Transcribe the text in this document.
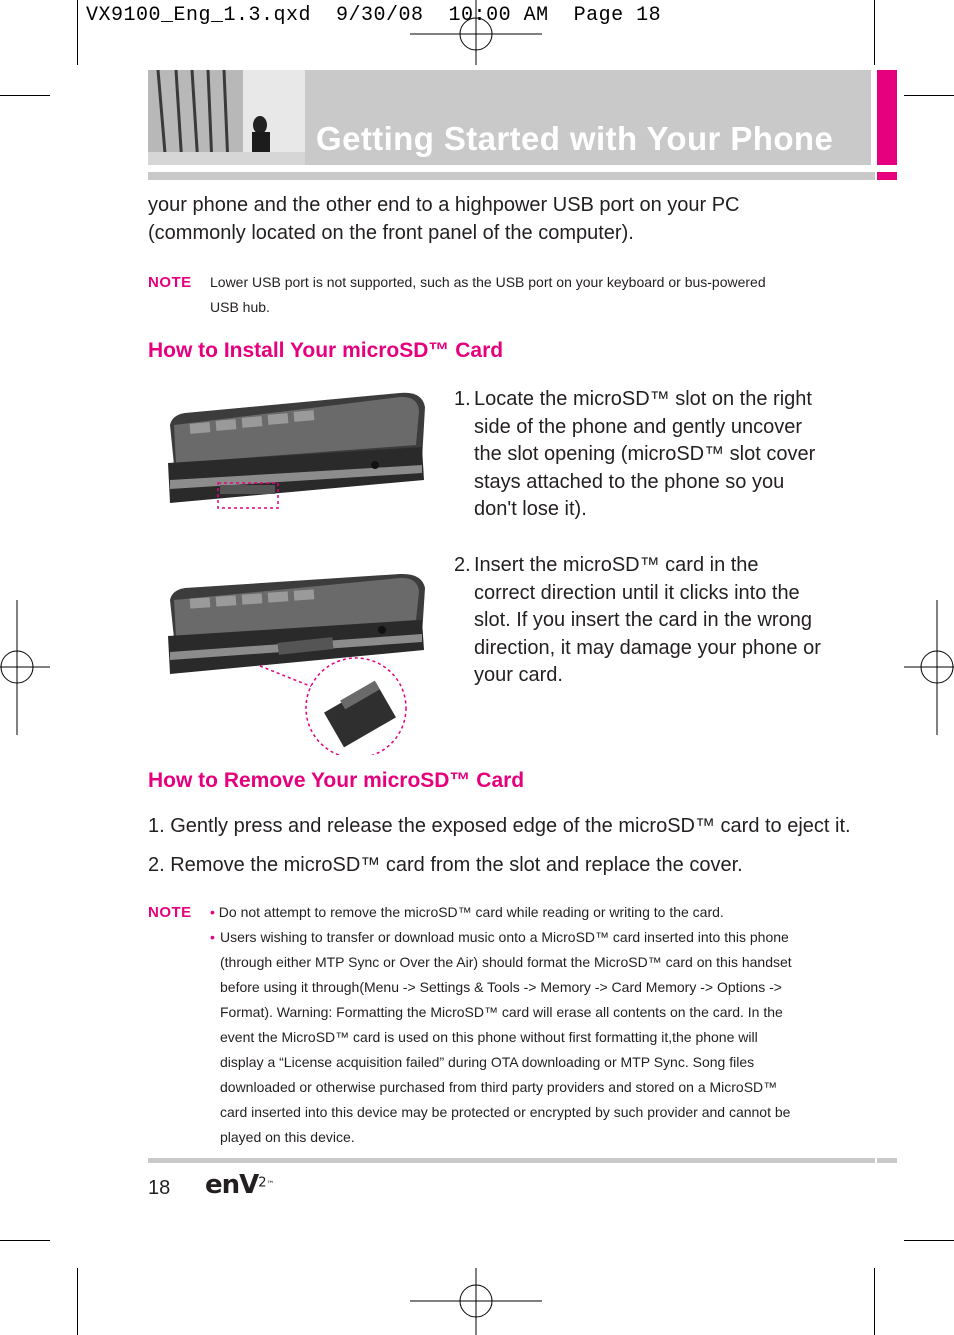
VX9100_Eng_1.3.qxd  9/30/08  10:00 AM  Page 18
Getting Started with Your Phone
your phone and the other end to a highpower USB port on your PC
(commonly located on the front panel of the computer).
NOTE Lower USB port is not supported, such as the USB port on your keyboard or bus-powered
USB hub.
How to Install Your microSD™ Card
1. Locate the microSD™ slot on the right
side of the phone and gently uncover
the slot opening (microSD™ slot cover
stays attached to the phone so you
don't lose it).
2. Insert the microSD™ card in the
correct direction until it clicks into the
slot. If you insert the card in the wrong
direction, it may damage your phone or
your card.
How to Remove Your microSD™ Card
1. Gently press and release the exposed edge of the microSD™ card to eject it.
2. Remove the microSD™ card from the slot and replace the cover.
NOTE • Do not attempt to remove the microSD™ card while reading or writing to the card.
• Users wishing to transfer or download music onto a MicroSD™ card inserted into this phone
(through either MTP Sync or Over the Air) should format the MicroSD™ card on this handset
before using it through(Menu -> Settings & Tools -> Memory -> Card Memory -> Options ->
Format). Warning: Formatting the MicroSD™ card will erase all contents on the card. In the
event the MicroSD™ card is used on this phone without first formatting it,the phone will
display a “License acquisition failed” during OTA downloading or MTP Sync. Song files
downloaded or otherwise purchased from third party providers and stored on a MicroSD™
card inserted into this device may be protected or encrypted by such provider and cannot be
played on this device.
18 enV$^{2™}$
